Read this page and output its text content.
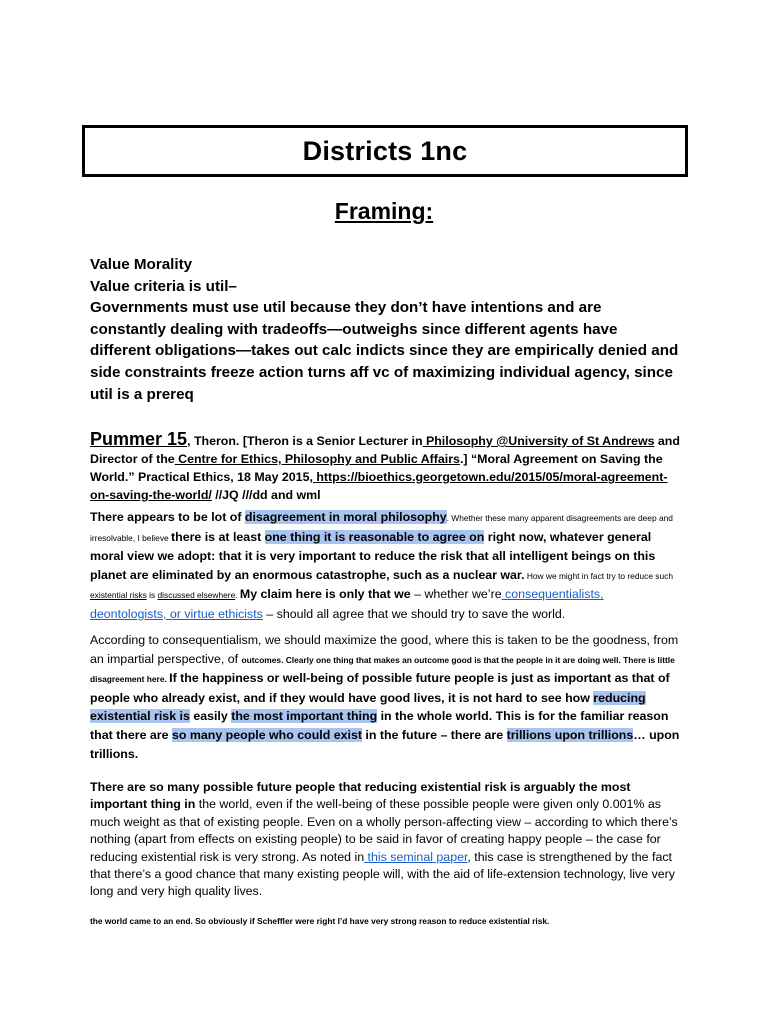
Districts 1nc
Framing:

Value Morality

Value criteria is util–

Governments must use util because they don’t have intentions and are constantly dealing with tradeoffs—outweighs since different agents have different obligations—takes out calc indicts since they are empirically denied and side constraints freeze action turns aff vc of maximizing individual agency, since util is a prereq

Pummer 15, Theron. [Theron is a Senior Lecturer in Philosophy @University of St Andrews and Director of the Centre for Ethics, Philosophy and Public Affairs.] “Moral Agreement on Saving the World.” Practical Ethics, 18 May 2015, https://bioethics.georgetown.edu/2015/05/moral-agreement-on-saving-the-world/ //JQ ///dd and wml
There appears to be lot of disagreement in moral philosophy. Whether these many apparent disagreements are deep and irresolvable, I believe there is at least one thing it is reasonable to agree on right now, whatever general moral view we adopt: that it is very important to reduce the risk that all intelligent beings on this planet are eliminated by an enormous catastrophe, such as a nuclear war. How we might in fact try to reduce such existential risks is discussed elsewhere. My claim here is only that we – whether we’re consequentialists, deontologists, or virtue ethicists – should all agree that we should try to save the world.
According to consequentialism, we should maximize the good, where this is taken to be the goodness, from an impartial perspective, of outcomes. Clearly one thing that makes an outcome good is that the people in it are doing well. There is little disagreement here. If the happiness or well-being of possible future people is just as important as that of people who already exist, and if they would have good lives, it is not hard to see how reducing existential risk is easily the most important thing in the whole world. This is for the familiar reason that there are so many people who could exist in the future – there are trillions upon trillions… upon trillions.
There are so many possible future people that reducing existential risk is arguably the most important thing in the world, even if the well-being of these possible people were given only 0.001% as much weight as that of existing people. Even on a wholly person-affecting view – according to which there’s nothing (apart from effects on existing people) to be said in favor of creating happy people – the case for reducing existential risk is very strong. As noted in this seminal paper, this case is strengthened by the fact that there’s a good chance that many existing people will, with the aid of life-extension technology, live very long and very high quality lives.
the world came to an end. So obviously if Scheffler were right I’d have very strong reason to reduce existential risk.
